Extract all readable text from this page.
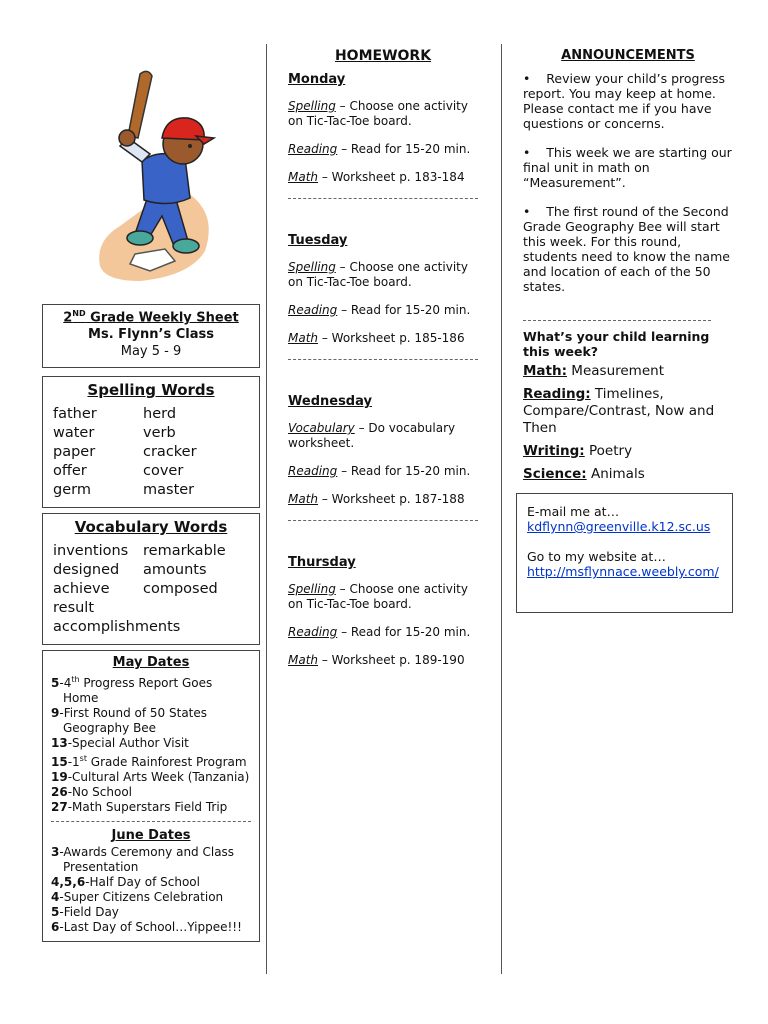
2ND Grade Weekly Sheet
Ms. Flynn’s Class
May 5 - 9
Spelling Words
father	herd
water	verb
paper	cracker
offer	cover
germ	master
Vocabulary Words
inventions	remarkable
designed	amounts
achieve	composed
result
accomplishments
May Dates
5-4th Progress Report Goes Home
9-First Round of 50 States Geography Bee
13-Special Author Visit
15-1st Grade Rainforest Program
19-Cultural Arts Week (Tanzania)
26-No School
27-Math Superstars Field Trip
June Dates
3-Awards Ceremony and Class Presentation
4,5,6-Half Day of School
4-Super Citizens Celebration
5-Field Day
6-Last Day of School…Yippee!!!
HOMEWORK
Monday
Spelling – Choose one activity on Tic-Tac-Toe board.
Reading – Read for 15-20 min.
Math – Worksheet p. 183-184
Tuesday
Spelling – Choose one activity on Tic-Tac-Toe board.
Reading – Read for 15-20 min.
Math – Worksheet p. 185-186
Wednesday
Vocabulary – Do vocabulary worksheet.
Reading – Read for 15-20 min.
Math – Worksheet p. 187-188
Thursday
Spelling – Choose one activity on Tic-Tac-Toe board.
Reading – Read for 15-20 min.
Math – Worksheet p. 189-190
ANNOUNCEMENTS
•    Review your child’s progress report. You may keep at home. Please contact me if you have questions or concerns.
•    This week we are starting our final unit in math on “Measurement”.
•    The first round of the Second Grade Geography Bee will start this week. For this round, students need to know the name and location of each of the 50 states.
What’s your child learning this week?
Math: Measurement
Reading: Timelines, Compare/Contrast, Now and Then
Writing: Poetry
Science: Animals
E-mail me at…
kdflynn@greenville.k12.sc.us
Go to my website at…
http://msflynnace.weebly.com/
